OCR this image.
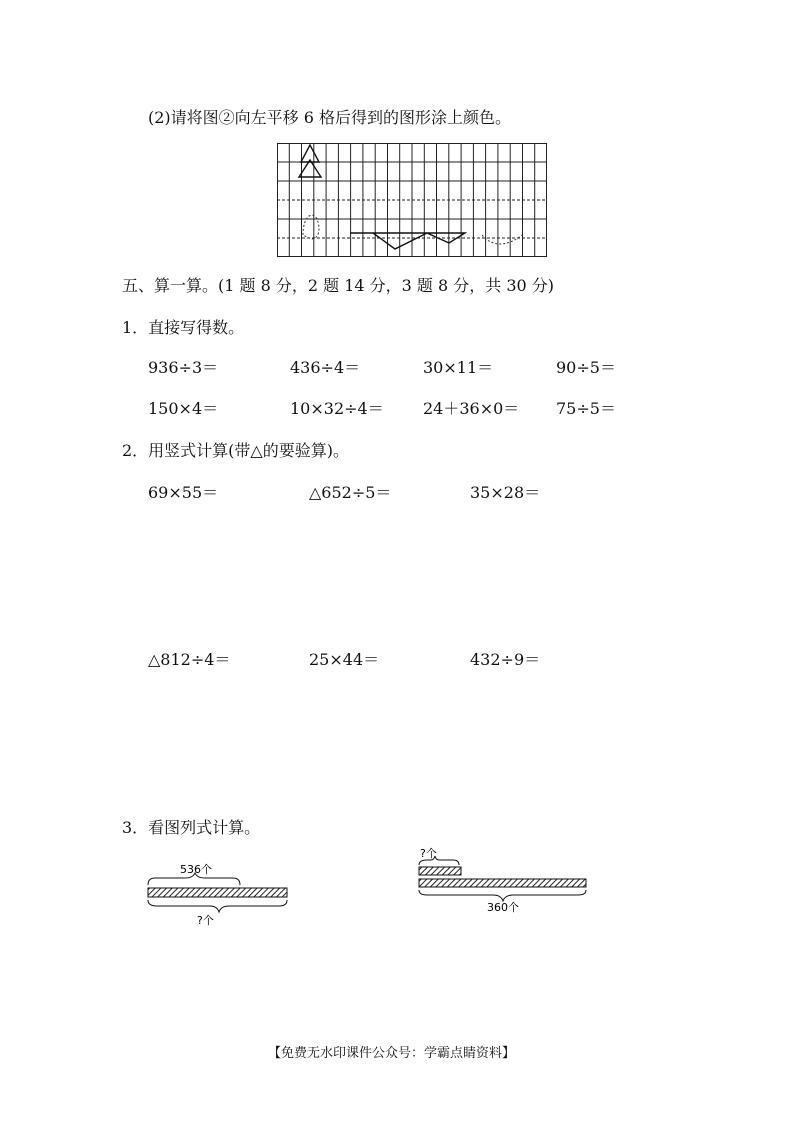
(2)请将图②向左平移 6 格后得到的图形涂上颜色。
五、算一算。(1 题 8 分，2 题 14 分，3 题 8 分，共 30 分)
1．直接写得数。
936÷3＝	436÷4＝	30×11＝	90÷5＝
150×4＝	10×32÷4＝ 24＋36×0＝ 75÷5＝
2．用竖式计算(带△的要验算)。
69×55＝	△652÷5＝	35×28＝
△812÷4＝	25×44＝	432÷9＝
3．看图列式计算。
536个
?个
?个
360个
【免费无水印课件公众号：学霸点睛资料】
